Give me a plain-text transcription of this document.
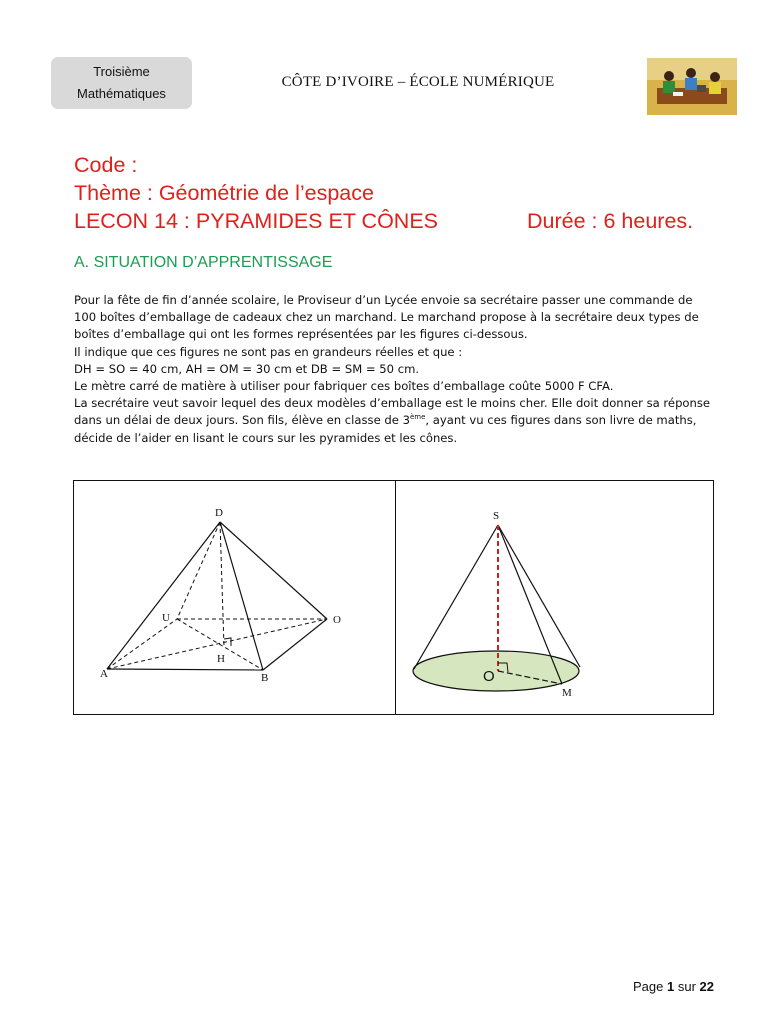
Troisième
Mathématiques
CÔTE D’IVOIRE – ÉCOLE NUMÉRIQUE
Code :
Thème : Géométrie de l’espace
LECON 14 : PYRAMIDES ET CÔNES	Durée : 6 heures.
A. SITUATION D’APPRENTISSAGE

Pour la fête de fin d’année scolaire, le Proviseur d’un Lycée envoie sa secrétaire passer une commande de 100 boîtes d’emballage de cadeaux chez un marchand. Le marchand propose à la secrétaire deux types de boîtes d’emballage qui ont les formes représentées par les figures ci-dessous.

Il indique que ces figures ne sont pas en grandeurs réelles et que :

DH = SO = 40 cm, AH = OM = 30 cm et DB = SM = 50 cm.

Le mètre carré de matière à utiliser pour fabriquer ces boîtes d’emballage coûte 5000 F CFA.

La secrétaire veut savoir lequel des deux modèles d’emballage est le moins cher. Elle doit donner sa réponse dans un délai de deux jours. Son fils, élève en classe de 3ème, ayant vu ces figures dans son livre de maths, décide de l’aider en lisant le cours sur les pyramides et les cônes.

D
U	O
H
A	B
S
O
M
Page 1 sur 22
